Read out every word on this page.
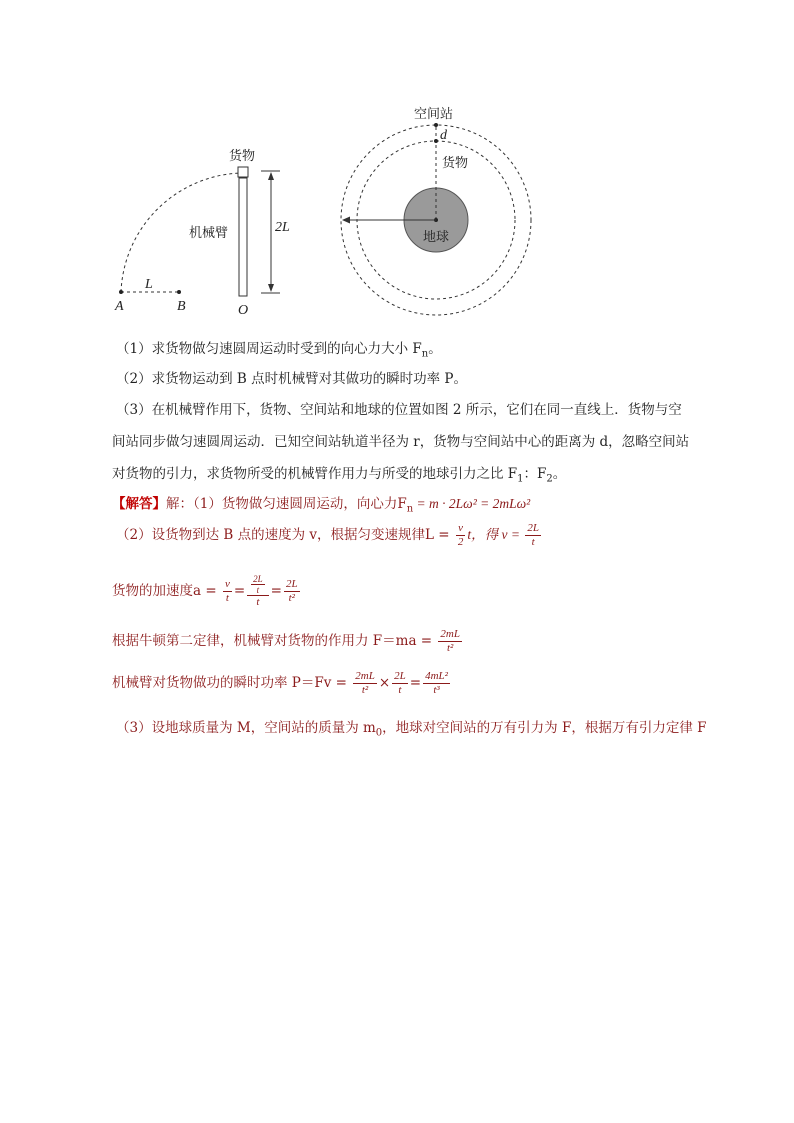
货物
机械臂	2L
L
A	B	O
空间站
d
货物
地球
（1）求货物做匀速圆周运动时受到的向心力大小 $F_n$。
（2）求货物运动到 B 点时机械臂对其做功的瞬时功率 P。
（3）在机械臂作用下，货物、空间站和地球的位置如图 2 所示，它们在同一直线上．货物与空
间站同步做匀速圆周运动．已知空间站轨道半径为 r，货物与空间站中心的距离为 d，忽略空间站
对货物的引力，求货物所受的机械臂作用力与所受的地球引力之比 $F_1$：$F_2$。
【解答】解：（1）货物做匀速圆周运动，向心力$F_n = m \cdot 2L\omega^2 = 2mL\omega^2$
（2）设货物到达 B 点的速度为 v，根据匀变速规律$L = \frac{v}{2}$ t，得 $v = \frac{2L}{t}$
货物的加速度$a = \frac{v}{t} = \frac{\frac{2L}{t}}{t} = \frac{2L}{\text{t²}}$
根据牛顿第二定律，机械臂对货物的作用力 $F=ma = \frac{2mL}{\text{t²}}$
机械臂对货物做功的瞬时功率 $P=Fv = \frac{2mL}{\text{t²}} \times \frac{2L}{t} = \frac{\text{4mL²}}{\text{t³}}$
（3）设地球质量为 M，空间站的质量为 $m_0$，地球对空间站的万有引力为 F，根据万有引力定律 F
